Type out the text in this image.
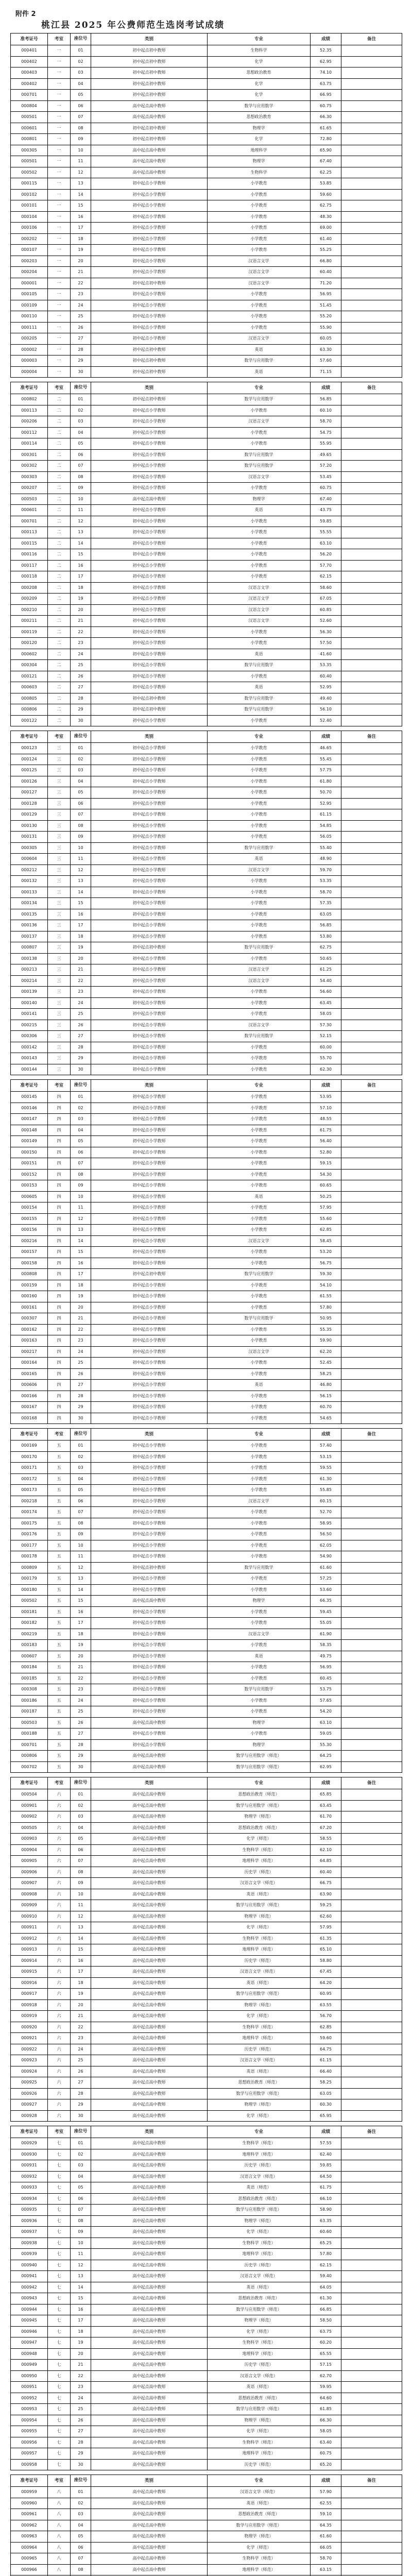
附件 2
桃江县 2025 年公费师范生选岗考试成绩
准考证号	考室	座位号	类别	专业	成绩	备注
000401	一	01	初中起点初中教师	生物科学	52.35	
000402	一	02	初中起点初中教师	化学	62.95	
000403	一	03	初中起点初中教师	思想政治教育	74.10	
000402	一	04	初中起点初中教师	化学	63.75	
000701	一	05	初中起点初中教师	化学	66.95	
000804	一	06	高中起点高中教师	数学与应用数学	60.75	
000501	一	07	高中起点高中教师	思想政治教育	66.30	
000601	一	08	初中起点初中教师	物理学	61.65	
000801	一	09	初中起点初中教师	化学	72.80	
000305	一	10	高中起点高中教师	地理科学	65.90	
000501	一	11	高中起点高中教师	物理学	67.40	
000502	一	12	高中起点高中教师	生物科学	62.25	
000115	一	13	初中起点小学教师	小学教育	53.85	
000102	一	14	初中起点小学教师	小学教育	59.60	
000101	一	15	初中起点小学教师	小学教育	62.75	
000104	一	16	初中起点小学教师	小学教育	48.30	
000106	一	17	初中起点小学教师	小学教育	69.00	
000202	一	18	初中起点小学教师	小学教育	61.40	
000107	一	19	初中起点小学教师	小学教育	55.25	
000203	一	20	初中起点小学教师	汉语言文学	66.80	
000204	一	21	初中起点小学教师	汉语言文学	60.40	
000001	一	22	初中起点初中教师	汉语言文学	71.20	
000105	一	23	初中起点小学教师	小学教育	56.95	
000109	一	24	初中起点小学教师	小学教育	51.45	
000110	一	25	初中起点小学教师	小学教育	55.20	
000111	一	26	初中起点小学教师	小学教育	55.90	
000205	一	27	初中起点小学教师	汉语言文学	60.05	
000002	一	28	初中起点初中教师	英语	63.30	
000003	一	29	初中起点初中教师	数学与应用数学	57.60	
000004	一	30	初中起点初中教师	英语	71.15	
准考证号	考室	座位号	类别	专业	成绩	备注
000802	二	01	初中起点初中教师	数学与应用数学	56.85	
000113	二	02	初中起点小学教师	小学教育	60.10	
000206	二	03	初中起点小学教师	汉语言文学	58.70	
000112	二	04	初中起点小学教师	小学教育	54.75	
000114	二	05	初中起点小学教师	小学教育	55.95	
000301	二	06	初中起点小学教师	数学与应用数学	49.65	
000302	二	07	初中起点小学教师	数学与应用数学	57.20	
000303	二	08	初中起点小学教师	汉语言文学	53.45	
000207	二	09	初中起点小学教师	小学教育	60.75	
000503	二	10	高中起点高中教师	物理学	67.40	
000601	二	11	初中起点小学教师	英语	43.75	
000701	二	12	初中起点小学教师	小学教育	59.85	
000113	二	13	初中起点小学教师	小学教育	55.55	
000115	二	14	初中起点小学教师	小学教育	63.10	
000116	二	15	初中起点小学教师	小学教育	56.20	
000117	二	16	初中起点小学教师	小学教育	57.70	
000118	二	17	初中起点小学教师	小学教育	62.15	
000208	二	18	初中起点小学教师	汉语言文学	58.60	
000209	二	19	初中起点小学教师	汉语言文学	67.05	
000210	二	20	初中起点小学教师	汉语言文学	60.85	
000211	二	21	初中起点小学教师	汉语言文学	52.60	
000119	二	22	初中起点小学教师	小学教育	56.30	
000120	二	23	初中起点小学教师	小学教育	57.50	
000602	二	24	初中起点小学教师	英语	41.60	
000304	二	25	初中起点小学教师	数学与应用数学	53.35	
000121	二	26	初中起点小学教师	小学教育	60.40	
000603	二	27	初中起点小学教师	英语	52.95	
000805	二	28	初中起点初中教师	数学与应用数学	49.40	
000806	二	29	初中起点初中教师	数学与应用数学	56.10	
000122	二	30	初中起点小学教师	小学教育	52.40	
准考证号	考室	座位号	类别	专业	成绩	备注
000123	三	01	初中起点小学教师	小学教育	46.65	
000124	三	02	初中起点小学教师	小学教育	55.45	
000125	三	03	初中起点小学教师	小学教育	57.75	
000126	三	04	初中起点小学教师	小学教育	61.80	
000127	三	05	初中起点小学教师	小学教育	50.70	
000128	三	06	初中起点小学教师	小学教育	52.95	
000129	三	07	初中起点小学教师	小学教育	61.15	
000130	三	08	初中起点小学教师	小学教育	54.85	
000131	三	09	初中起点小学教师	小学教育	56.05	
000305	三	10	初中起点小学教师	数学与应用数学	55.40	
000604	三	11	初中起点小学教师	英语	48.90	
000212	三	12	初中起点小学教师	汉语言文学	59.70	
000132	三	13	初中起点小学教师	小学教育	53.35	
000133	三	14	初中起点小学教师	小学教育	58.70	
000134	三	15	初中起点小学教师	小学教育	57.35	
000135	三	16	初中起点小学教师	小学教育	63.05	
000136	三	17	初中起点小学教师	小学教育	56.85	
000137	三	18	初中起点小学教师	小学教育	53.80	
000807	三	19	初中起点初中教师	数学与应用数学	62.75	
000138	三	20	初中起点小学教师	小学教育	50.65	
000213	三	21	初中起点小学教师	汉语言文学	61.25	
000214	三	22	初中起点小学教师	汉语言文学	54.40	
000139	三	23	初中起点小学教师	小学教育	56.60	
000140	三	24	初中起点小学教师	小学教育	63.45	
000141	三	25	初中起点小学教师	小学教育	58.05	
000215	三	26	初中起点小学教师	汉语言文学	57.30	
000306	三	27	初中起点小学教师	数学与应用数学	52.15	
000142	三	28	初中起点小学教师	小学教育	60.00	
000143	三	29	初中起点小学教师	小学教育	55.70	
000144	三	30	初中起点小学教师	小学教育	62.30	
准考证号	考室	座位号	类别	专业	成绩	备注
000145	四	01	初中起点小学教师	小学教育	53.95	
000146	四	02	初中起点小学教师	小学教育	57.10	
000147	四	03	初中起点小学教师	小学教育	48.55	
000148	四	04	初中起点小学教师	小学教育	61.75	
000149	四	05	初中起点小学教师	小学教育	56.40	
000150	四	06	初中起点小学教师	小学教育	52.80	
000151	四	07	初中起点小学教师	小学教育	59.15	
000152	四	08	初中起点小学教师	小学教育	54.30	
000153	四	09	初中起点小学教师	小学教育	60.65	
000605	四	10	初中起点小学教师	英语	50.25	
000154	四	11	初中起点小学教师	小学教育	57.95	
000155	四	12	初中起点小学教师	小学教育	55.60	
000156	四	13	初中起点小学教师	小学教育	62.85	
000216	四	14	初中起点小学教师	汉语言文学	58.45	
000157	四	15	初中起点小学教师	小学教育	53.20	
000158	四	16	初中起点小学教师	小学教育	56.75	
000808	四	17	初中起点初中教师	数学与应用数学	59.30	
000159	四	18	初中起点小学教师	小学教育	54.10	
000160	四	19	初中起点小学教师	小学教育	61.55	
000161	四	20	初中起点小学教师	小学教育	57.80	
000307	四	21	初中起点小学教师	数学与应用数学	50.95	
000162	四	22	初中起点小学教师	小学教育	55.35	
000163	四	23	初中起点小学教师	小学教育	59.90	
000217	四	24	初中起点小学教师	汉语言文学	62.20	
000164	四	25	初中起点小学教师	小学教育	52.45	
000165	四	26	初中起点小学教师	小学教育	58.25	
000606	四	27	初中起点小学教师	英语	46.80	
000166	四	28	初中起点小学教师	小学教育	56.15	
000167	四	29	初中起点小学教师	小学教育	60.70	
000168	四	30	初中起点小学教师	小学教育	54.65	
准考证号	考室	座位号	类别	专业	成绩	备注
000169	五	01	初中起点小学教师	小学教育	57.40	
000170	五	02	初中起点小学教师	小学教育	53.15	
000171	五	03	初中起点小学教师	小学教育	59.55	
000172	五	04	初中起点小学教师	小学教育	61.30	
000173	五	05	初中起点小学教师	小学教育	55.85	
000218	五	06	初中起点小学教师	汉语言文学	60.15	
000174	五	07	初中起点小学教师	小学教育	52.70	
000175	五	08	初中起点小学教师	小学教育	58.95	
000176	五	09	初中起点小学教师	小学教育	56.50	
000177	五	10	初中起点小学教师	小学教育	62.05	
000178	五	11	初中起点小学教师	小学教育	54.90	
000809	五	12	初中起点初中教师	数学与应用数学	61.60	
000179	五	13	初中起点小学教师	小学教育	57.25	
000180	五	14	初中起点小学教师	小学教育	53.60	
000502	五	15	高中起点高中教师	物理学	66.35	
000181	五	16	初中起点小学教师	小学教育	59.45	
000182	五	17	初中起点小学教师	小学教育	55.05	
000219	五	18	初中起点小学教师	汉语言文学	61.90	
000183	五	19	初中起点小学教师	小学教育	58.35	
000607	五	20	初中起点小学教师	英语	49.75	
000184	五	21	初中起点小学教师	小学教育	56.95	
000185	五	22	初中起点小学教师	小学教育	60.45	
000308	五	23	初中起点小学教师	数学与应用数学	53.75	
000186	五	24	初中起点小学教师	小学教育	57.65	
000187	五	25	初中起点小学教师	小学教育	54.20	
000503	五	26	高中起点高中教师	物理学	63.10	
000188	五	27	初中起点小学教师	小学教育	59.05	
000701	五	28	初中起点小学教师	物理学	55.30	
000806	五	29	高中起点高中教师	数学与应用数学（师范）	64.25	
000702	五	30	高中起点高中教师	数学与应用数学（师范）	62.95	
准考证号	考室	座位号	类别	专业	成绩	备注
000504	六	01	高中起点高中教师	思想政治教育（师范）	65.85	
000901	六	02	高中起点高中教师	数学与应用数学（师范）	63.45	
000902	六	03	高中起点高中教师	物理学（师范）	61.70	
000505	六	04	高中起点高中教师	思想政治教育（师范）	67.20	
000903	六	05	高中起点高中教师	化学（师范）	58.55	
000904	六	06	高中起点高中教师	生物科学（师范）	62.10	
000905	六	07	高中起点高中教师	地理科学（师范）	64.85	
000906	六	08	高中起点高中教师	历史学（师范）	60.40	
000907	六	09	高中起点高中教师	汉语言文学（师范）	66.75	
000908	六	10	高中起点高中教师	英语（师范）	63.90	
000909	六	11	高中起点高中教师	数学与应用数学（师范）	59.25	
000910	六	12	高中起点高中教师	物理学（师范）	62.60	
000911	六	13	高中起点高中教师	化学（师范）	57.95	
000912	六	14	高中起点高中教师	生物科学（师范）	61.35	
000913	六	15	高中起点高中教师	地理科学（师范）	65.10	
000914	六	16	高中起点高中教师	历史学（师范）	58.80	
000915	六	17	高中起点高中教师	汉语言文学（师范）	67.45	
000916	六	18	高中起点高中教师	英语（师范）	64.20	
000917	六	19	高中起点高中教师	数学与应用数学（师范）	60.95	
000918	六	20	高中起点高中教师	物理学（师范）	63.55	
000919	六	21	高中起点高中教师	化学（师范）	56.70	
000920	六	22	高中起点高中教师	生物科学（师范）	62.85	
000921	六	23	高中起点高中教师	地理科学（师范）	59.60	
000922	六	24	高中起点高中教师	历史学（师范）	64.75	
000923	六	25	高中起点高中教师	汉语言文学（师范）	61.15	
000924	六	26	高中起点高中教师	英语（师范）	66.40	
000925	六	27	高中起点高中教师	思想政治教育（师范）	58.25	
000926	六	28	高中起点高中教师	数学与应用数学（师范）	63.05	
000927	六	29	高中起点高中教师	物理学（师范）	60.30	
000928	六	30	高中起点高中教师	化学（师范）	65.95	
准考证号	考室	座位号	类别	专业	成绩	备注
000929	七	01	高中起点高中教师	生物科学（师范）	57.55	
000930	七	02	高中起点高中教师	地理科学（师范）	62.40	
000931	七	03	高中起点高中教师	历史学（师范）	59.85	
000932	七	04	高中起点高中教师	汉语言文学（师范）	64.50	
000933	七	05	高中起点高中教师	英语（师范）	61.75	
000934	七	06	高中起点高中教师	思想政治教育（师范）	66.10	
000935	七	07	高中起点高中教师	数学与应用数学（师范）	58.90	
000936	七	08	高中起点高中教师	物理学（师范）	63.35	
000937	七	09	高中起点高中教师	化学（师范）	60.60	
000938	七	10	高中起点高中教师	生物科学（师范）	65.25	
000939	七	11	高中起点高中教师	地理科学（师范）	57.80	
000940	七	12	高中起点高中教师	历史学（师范）	62.15	
000941	七	13	高中起点高中教师	汉语言文学（师范）	59.40	
000942	七	14	高中起点高中教师	英语（师范）	64.05	
000943	七	15	高中起点高中教师	思想政治教育（师范）	61.30	
000944	七	16	高中起点高中教师	数学与应用数学（师范）	66.85	
000945	七	17	高中起点高中教师	物理学（师范）	58.50	
000946	七	18	高中起点高中教师	化学（师范）	63.75	
000947	七	19	高中起点高中教师	生物科学（师范）	60.20	
000948	七	20	高中起点高中教师	地理科学（师范）	65.55	
000949	七	21	高中起点高中教师	历史学（师范）	57.15	
000950	七	22	高中起点高中教师	汉语言文学（师范）	62.70	
000951	七	23	高中起点高中教师	英语（师范）	59.95	
000952	七	24	高中起点高中教师	思想政治教育（师范）	64.60	
000953	七	25	高中起点高中教师	数学与应用数学（师范）	61.85	
000954	七	26	高中起点高中教师	物理学（师范）	66.30	
000955	七	27	高中起点高中教师	化学（师范）	58.05	
000956	七	28	高中起点高中教师	生物科学（师范）	63.40	
000957	七	29	高中起点高中教师	地理科学（师范）	60.75	
000958	七	30	高中起点高中教师	历史学（师范）	65.20	
准考证号	考室	座位号	类别	专业	成绩	备注
000959	八	01	高中起点高中教师	汉语言文学（师范）	57.90	
000960	八	02	高中起点高中教师	英语（师范）	62.55	
000961	八	03	高中起点高中教师	思想政治教育（师范）	59.10	
000962	八	04	高中起点高中教师	数学与应用数学（师范）	64.35	
000963	八	05	高中起点高中教师	物理学（师范）	61.60	
000964	八	06	高中起点高中教师	化学（师范）	66.05	
000965	八	07	高中起点高中教师	生物科学（师范）	58.70	
000966	八	08	高中起点高中教师	地理科学（师范）	63.15	
